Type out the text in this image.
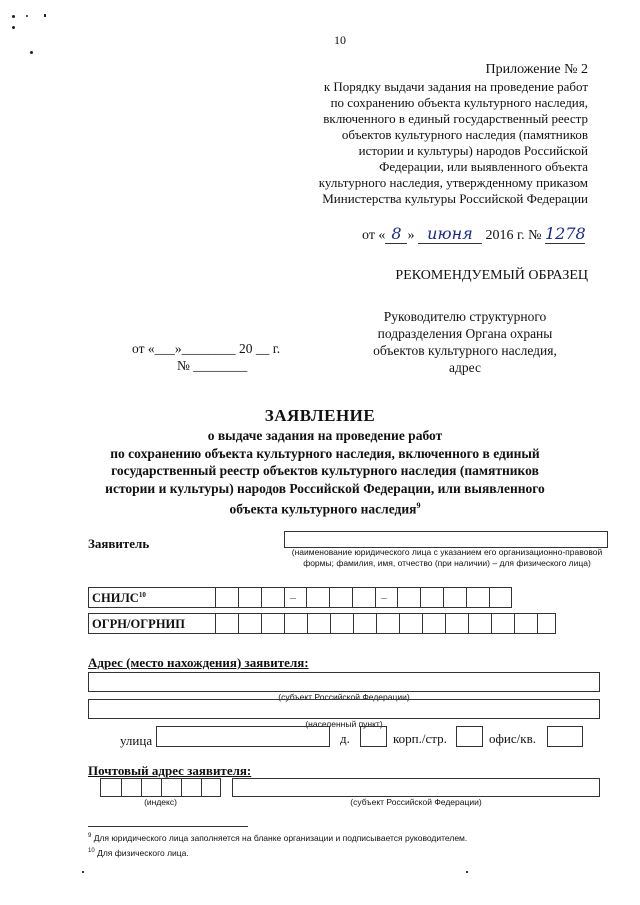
10
Приложение № 2
к Порядку выдачи задания на проведение работ
по сохранению объекта культурного наследия,
включенного в единый государственный реестр
объектов культурного наследия (памятников
истории и культуры) народов Российской
Федерации, или выявленного объекта
культурного наследия, утвержденному приказом
Министерства культуры Российской Федерации
от « 8 » июня 2016 г. № 1278
РЕКОМЕНДУЕМЫЙ ОБРАЗЕЦ
от «___»________ 20 __ г.
№ ________
Руководителю структурного
подразделения Органа охраны
объектов культурного наследия,
адрес
ЗАЯВЛЕНИЕ
о выдаче задания на проведение работ
по сохранению объекта культурного наследия, включенного в единый
государственный реестр объектов культурного наследия (памятников
истории и культуры) народов Российской Федерации, или выявленного
объекта культурного наследия$^9$
Заявитель
(наименование юридического лица с указанием его организационно-правовой формы; фамилия, имя, отчество (при наличии) – для физического лица)
СНИЛС$^{10}$	–	–
ОГРН/ОГРНИП
Адрес (место нахождения) заявителя:
(субъект Российской Федерации)
(населенный пункт)
улица	д.	корп./стр.	офис/кв.
Почтовый адрес заявителя:
(индекс)	(субъект Российской Федерации)
$^9$ Для юридического лица заполняется на бланке организации и подписывается руководителем.
$^{10}$ Для физического лица.
